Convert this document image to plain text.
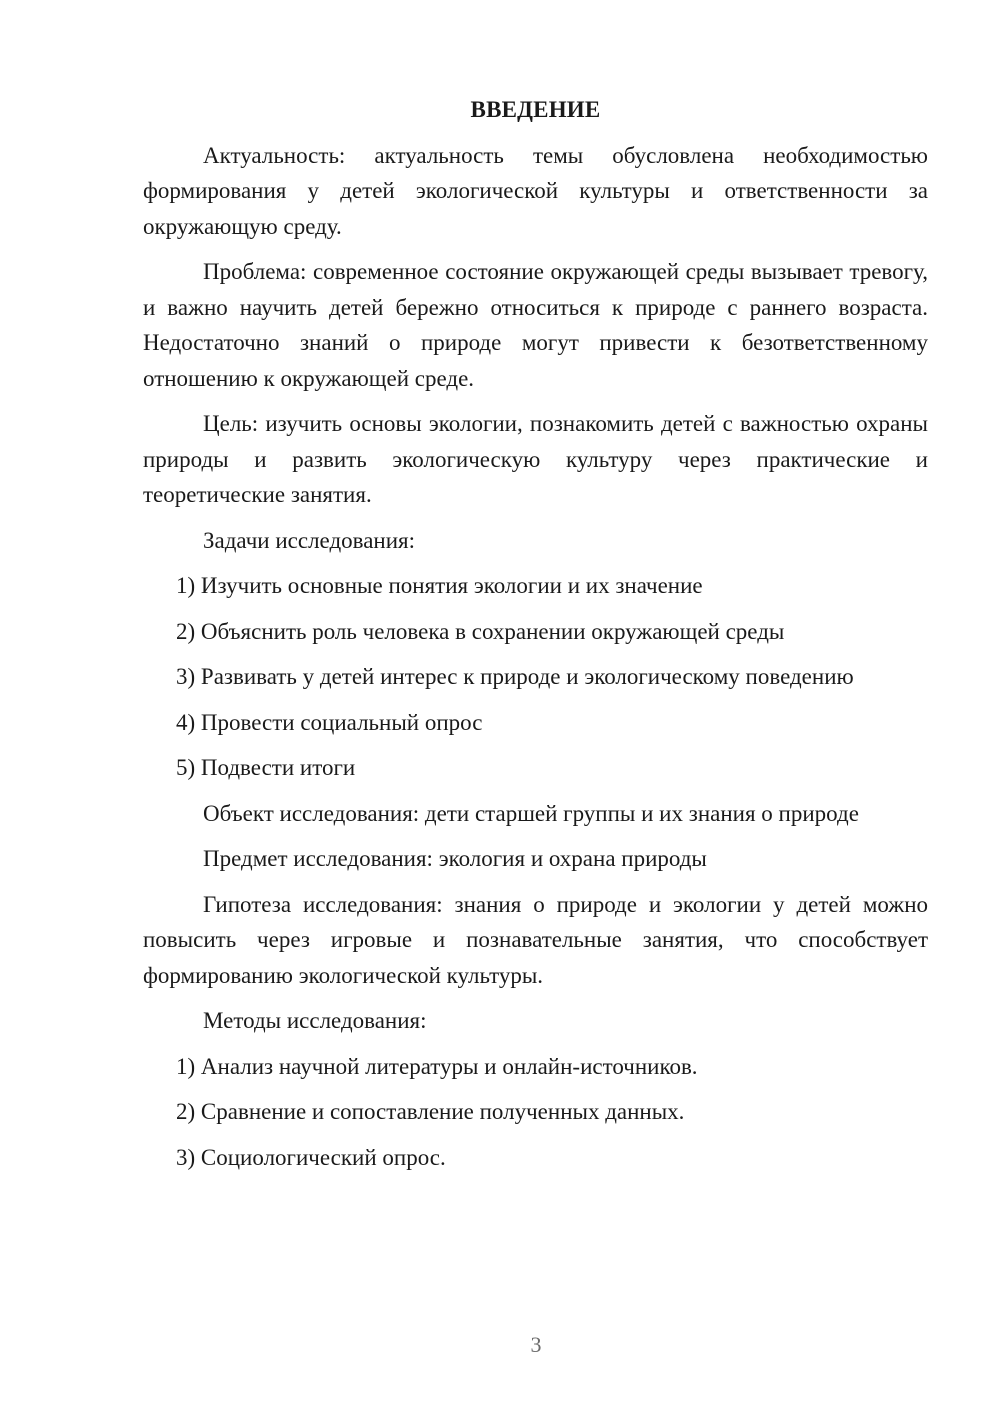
ВВЕДЕНИЕ

Актуальность: актуальность темы обусловлена необходимостью формирования у детей экологической культуры и ответственности за окружающую среду.

Проблема: современное состояние окружающей среды вызывает тревогу, и важно научить детей бережно относиться к природе с раннего возраста. Недостаточно знаний о природе могут привести к безответственному отношению к окружающей среде.

Цель: изучить основы экологии, познакомить детей с важностью охраны природы и развить экологическую культуру через практические и теоретические занятия.

Задачи исследования:
1) Изучить основные понятия экологии и их значение
2) Объяснить роль человека в сохранении окружающей среды
3) Развивать у детей интерес к природе и экологическому поведению
4) Провести социальный опрос
5) Подвести итоги
Объект исследования: дети старшей группы и их знания о природе
Предмет исследования: экология и охрана природы

Гипотеза исследования: знания о природе и экологии у детей можно повысить через игровые и познавательные занятия, что способствует формированию экологической культуры.

Методы исследования:
1) Анализ научной литературы и онлайн-источников.
2) Сравнение и сопоставление полученных данных.
3) Социологический опрос.
3
